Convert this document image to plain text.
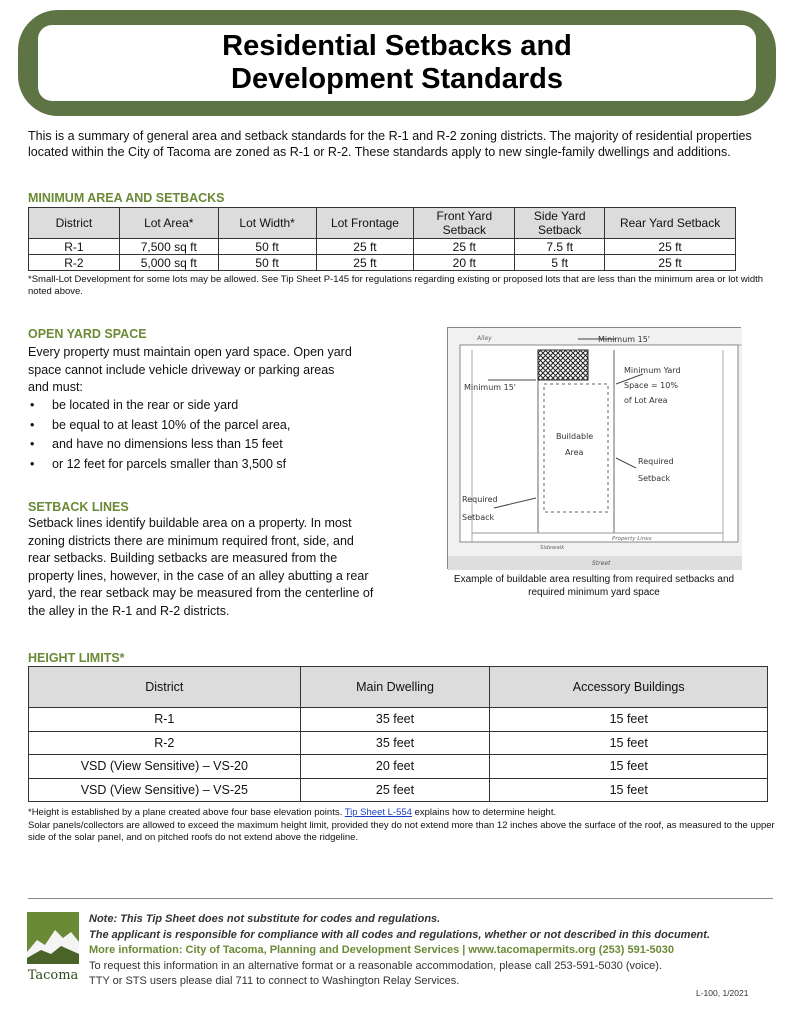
Residential Setbacks and
Development Standards
This is a summary of general area and setback standards for the R-1 and R-2 zoning districts. The majority of residential properties located within the City of Tacoma are zoned as R-1 or R-2. These standards apply to new single-family dwellings and additions.
MINIMUM AREA AND SETBACKS
District	Lot Area*	Lot Width*	Lot Frontage	Front Yard Setback	Side Yard Setback	Rear Yard Setback
R-1	7,500 sq ft	50 ft	25 ft	25 ft	7.5 ft	25 ft
R-2	5,000 sq ft	50 ft	25 ft	20 ft	5 ft	25 ft
*Small-Lot Development for some lots may be allowed. See Tip Sheet P-145 for regulations regarding existing or proposed lots that are less than the minimum area or lot width noted above.
OPEN YARD SPACE
Every property must maintain open yard space. Open yard space cannot include vehicle driveway or parking areas and must:
• be located in the rear or side yard
• be equal to at least 10% of the parcel area,
• and have no dimensions less than 15 feet
• or 12 feet for parcels smaller than 3,500 sf
SETBACK LINES
Setback lines identify buildable area on a property. In most zoning districts there are minimum required front, side, and rear setbacks. Building setbacks are measured from the property lines, however, in the case of an alley abutting a rear yard, the rear setback may be measured from the centerline of the alley in the R-1 and R-2 districts.
Alley	Minimum 15'
Minimum 15'
Minimum Yard
Space = 10%
of Lot Area
Buildable
Area
Required
Setback
Required
Setback
Property Lines
Sidewalk
Street
Example of buildable area resulting from required setbacks and required minimum yard space
HEIGHT LIMITS*
District	Main Dwelling	Accessory Buildings
R-1	35 feet	15 feet
R-2	35 feet	15 feet
VSD (View Sensitive) – VS-20	20 feet	15 feet
VSD (View Sensitive) – VS-25	25 feet	15 feet
*Height is established by a plane created above four base elevation points. Tip Sheet L-554 explains how to determine height.
Solar panels/collectors are allowed to exceed the maximum height limit, provided they do not extend more than 12 inches above the surface of the roof, as measured to the upper side of the solar panel, and on pitched roofs do not extend above the ridgeline.
Tacoma
Note: This Tip Sheet does not substitute for codes and regulations.
The applicant is responsible for compliance with all codes and regulations, whether or not described in this document.
More information: City of Tacoma, Planning and Development Services | www.tacomapermits.org (253) 591-5030
To request this information in an alternative format or a reasonable accommodation, please call 253-591-5030 (voice).
TTY or STS users please dial 711 to connect to Washington Relay Services.
L-100, 1/2021
